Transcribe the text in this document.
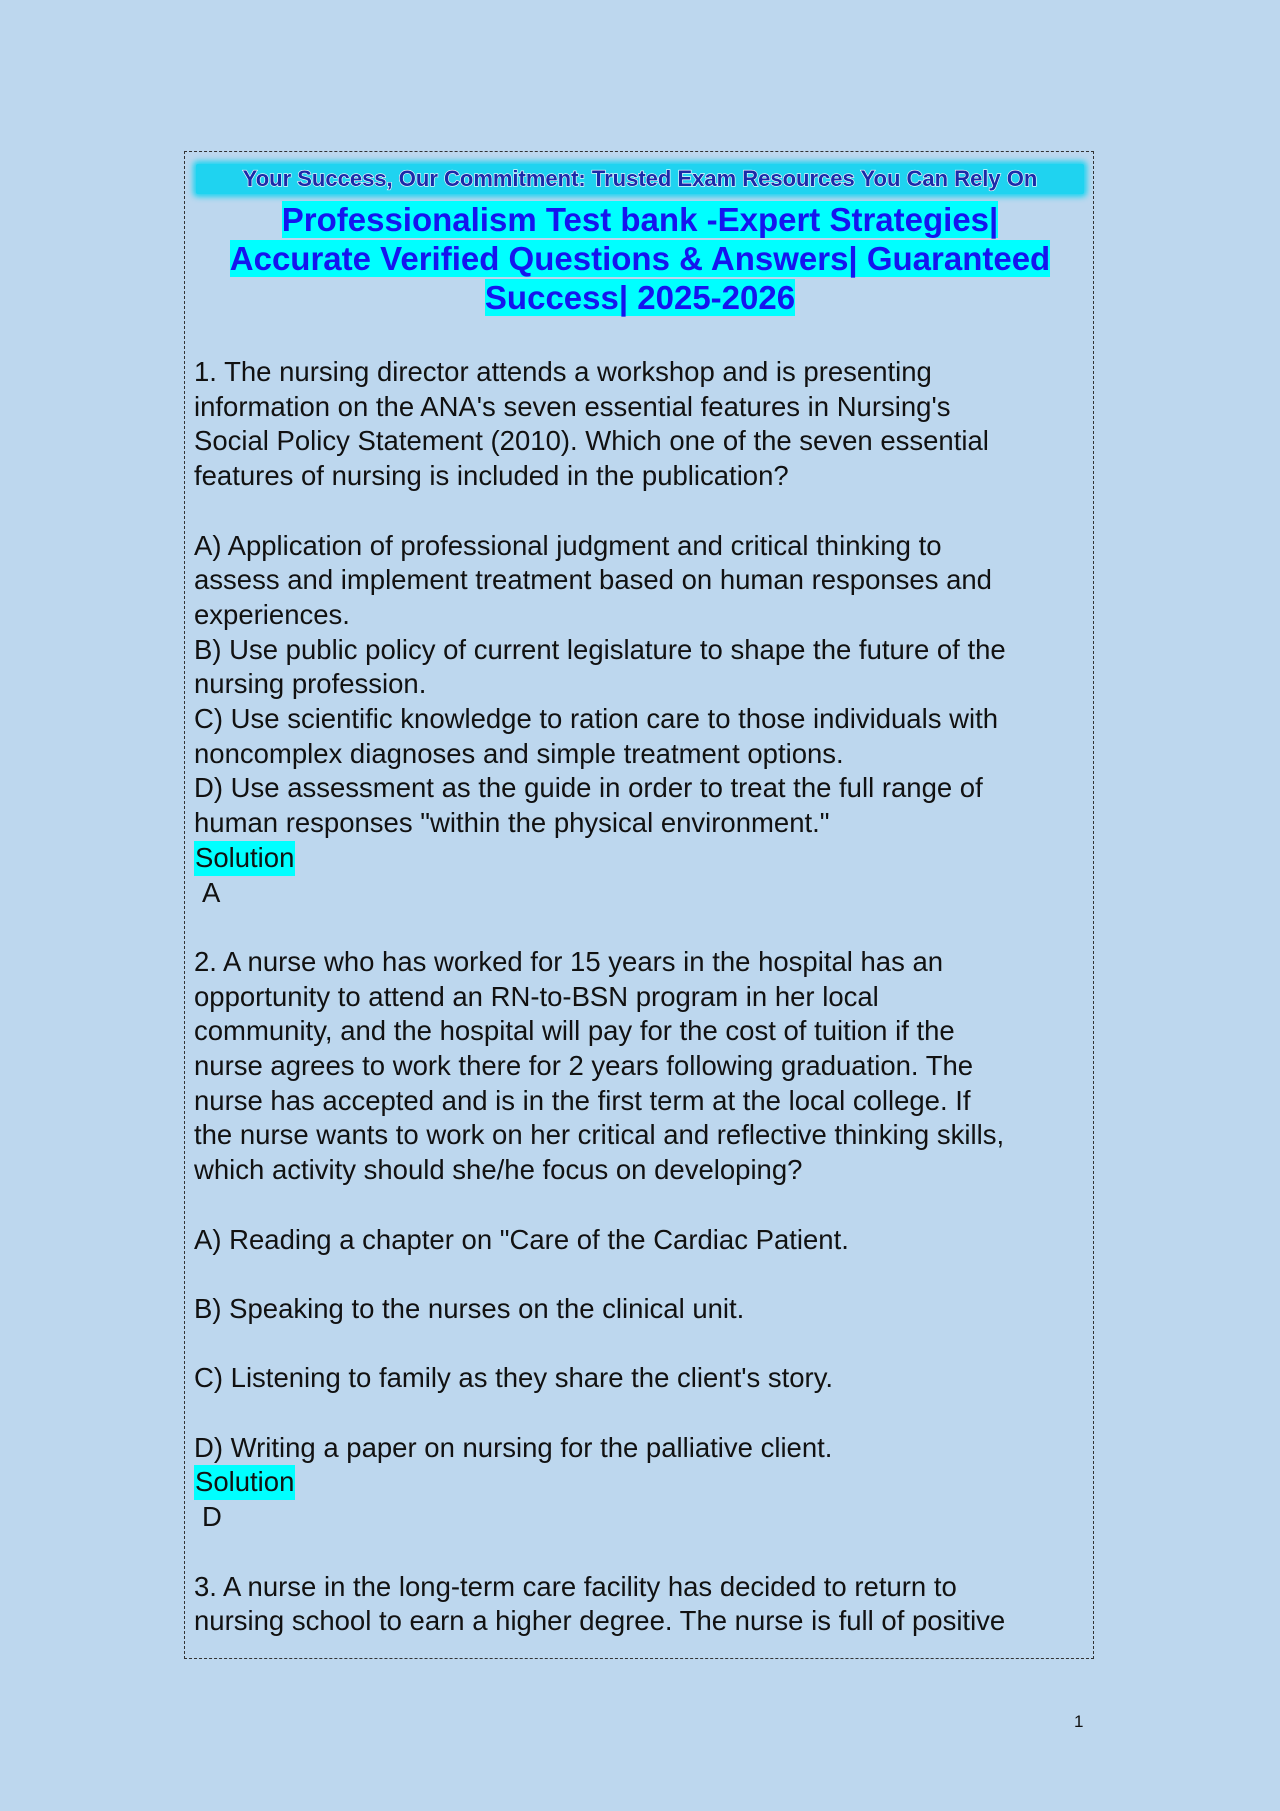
Your Success, Our Commitment: Trusted Exam Resources You Can Rely On
Professionalism Test bank -Expert Strategies|
Accurate Verified Questions & Answers| Guaranteed
Success| 2025-2026

1. The nursing director attends a workshop and is presenting

information on the ANA's seven essential features in Nursing's

Social Policy Statement (2010). Which one of the seven essential

features of nursing is included in the publication?

A) Application of professional judgment and critical thinking to

assess and implement treatment based on human responses and

experiences.

B) Use public policy of current legislature to shape the future of the

nursing profession.

C) Use scientific knowledge to ration care to those individuals with

noncomplex diagnoses and simple treatment options.

D) Use assessment as the guide in order to treat the full range of

human responses "within the physical environment."

Solution

A

2. A nurse who has worked for 15 years in the hospital has an

opportunity to attend an RN-to-BSN program in her local

community, and the hospital will pay for the cost of tuition if the

nurse agrees to work there for 2 years following graduation. The

nurse has accepted and is in the first term at the local college. If

the nurse wants to work on her critical and reflective thinking skills,

which activity should she/he focus on developing?

A) Reading a chapter on "Care of the Cardiac Patient.

B) Speaking to the nurses on the clinical unit.

C) Listening to family as they share the client's story.

D) Writing a paper on nursing for the palliative client.

Solution

D

3. A nurse in the long-term care facility has decided to return to

nursing school to earn a higher degree. The nurse is full of positive

1
